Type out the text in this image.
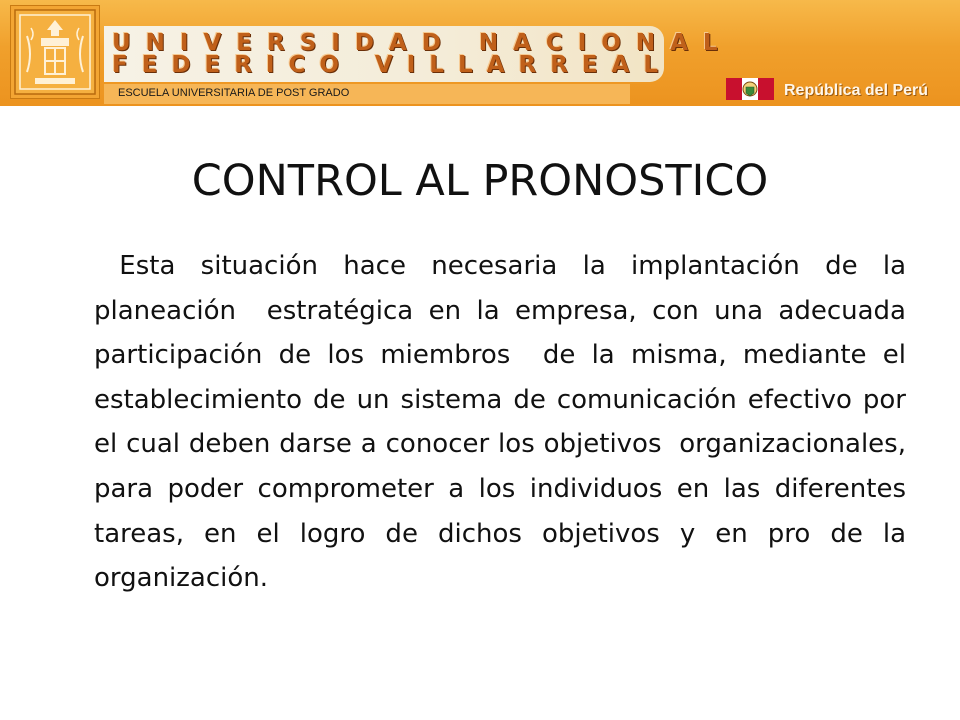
UNIVERSIDAD NACIONAL
FEDERICO VILLARREAL
ESCUELA UNIVERSITARIA DE POST GRADO	República del Perú
CONTROL AL PRONOSTICO

Esta situación hace necesaria la implantación de la planeación  estratégica en la empresa, con una adecuada participación de los miembros  de la misma, mediante el establecimiento de un sistema de comunicación efectivo por el cual deben darse a conocer los objetivos  organizacionales, para poder comprometer a los individuos en las diferentes tareas, en el logro de dichos objetivos y en pro de la organización.
